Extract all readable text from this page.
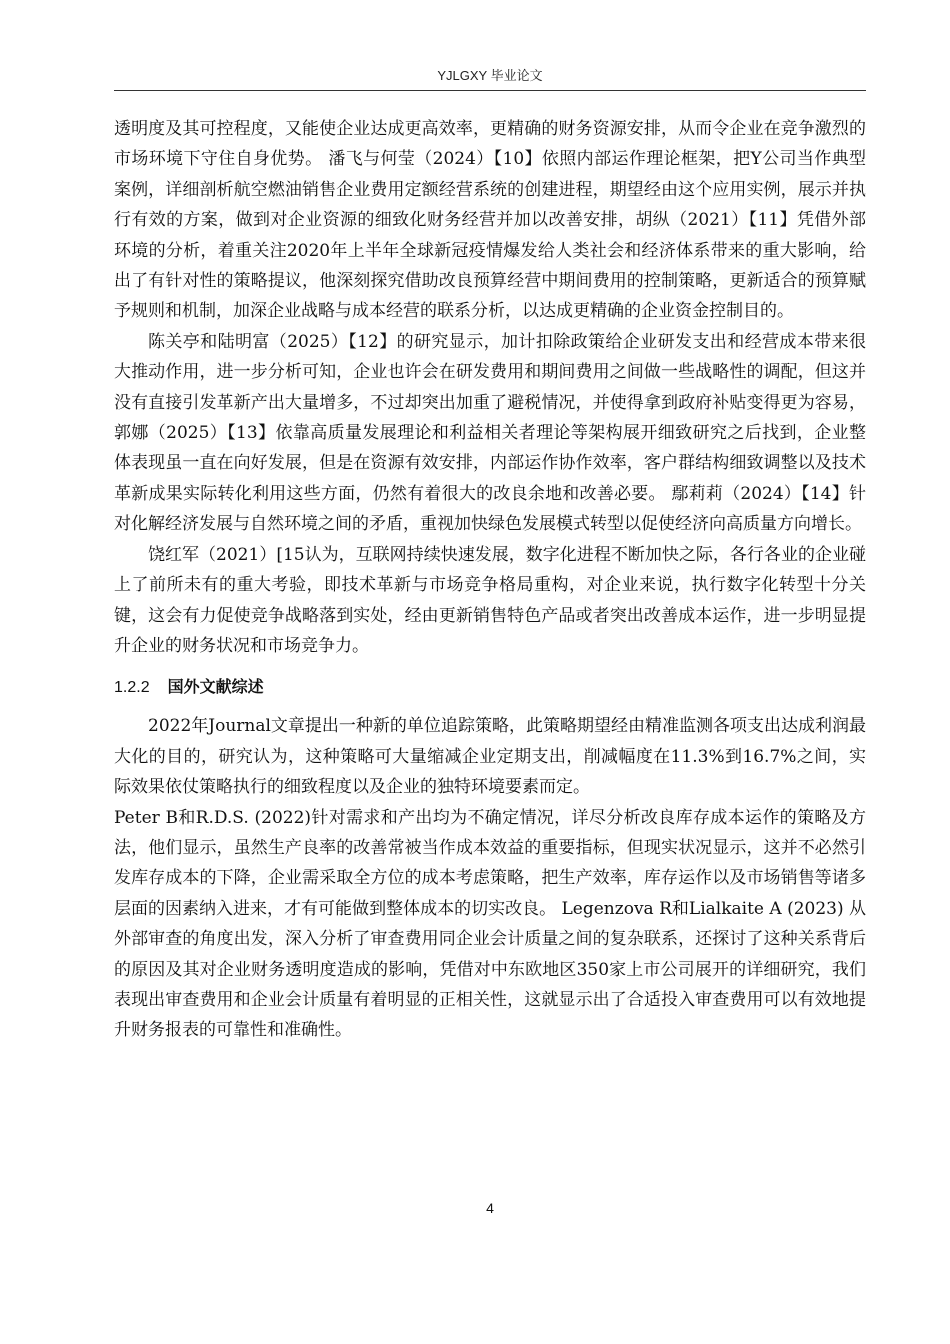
YJLGXY 毕业论文

透明度及其可控程度，又能使企业达成更高效率，更精确的财务资源安排，从而令企业在竞争激烈的市场环境下守住自身优势。 潘飞与何莹（2024）【10】依照内部运作理论框架，把Y公司当作典型案例，详细剖析航空燃油销售企业费用定额经营系统的创建进程，期望经由这个应用实例，展示并执行有效的方案，做到对企业资源的细致化财务经营并加以改善安排，胡纵（2021）【11】凭借外部环境的分析，着重关注2020年上半年全球新冠疫情爆发给人类社会和经济体系带来的重大影响，给出了有针对性的策略提议，他深刻探究借助改良预算经营中期间费用的控制策略，更新适合的预算赋予规则和机制，加深企业战略与成本经营的联系分析，以达成更精确的企业资金控制目的。

陈关亭和陆明富（2025）【12】的研究显示，加计扣除政策给企业研发支出和经营成本带来很大推动作用，进一步分析可知，企业也许会在研发费用和期间费用之间做一些战略性的调配，但这并没有直接引发革新产出大量增多，不过却突出加重了避税情况，并使得拿到政府补贴变得更为容易，郭娜（2025）【13】依靠高质量发展理论和利益相关者理论等架构展开细致研究之后找到，企业整体表现虽一直在向好发展，但是在资源有效安排，内部运作协作效率，客户群结构细致调整以及技术革新成果实际转化利用这些方面，仍然有着很大的改良余地和改善必要。 鄢莉莉（2024）【14】针对化解经济发展与自然环境之间的矛盾，重视加快绿色发展模式转型以促使经济向高质量方向增长。

饶红军（2021）[15认为，互联网持续快速发展，数字化进程不断加快之际，各行各业的企业碰上了前所未有的重大考验，即技术革新与市场竞争格局重构，对企业来说，执行数字化转型十分关键，这会有力促使竞争战略落到实处，经由更新销售特色产品或者突出改善成本运作，进一步明显提升企业的财务状况和市场竞争力。

1.2.2 国外文献综述

2022年Journal文章提出一种新的单位追踪策略，此策略期望经由精准监测各项支出达成利润最大化的目的，研究认为，这种策略可大量缩减企业定期支出，削减幅度在11.3%到16.7%之间，实际效果依仗策略执行的细致程度以及企业的独特环境要素而定。

Peter B和R.D.S. (2022)针对需求和产出均为不确定情况，详尽分析改良库存成本运作的策略及方法，他们显示，虽然生产良率的改善常被当作成本效益的重要指标，但现实状况显示，这并不必然引发库存成本的下降，企业需采取全方位的成本考虑策略，把生产效率，库存运作以及市场销售等诸多层面的因素纳入进来，才有可能做到整体成本的切实改良。 Legenzova R和Lialkaite A (2023) 从外部审查的角度出发，深入分析了审查费用同企业会计质量之间的复杂联系，还探讨了这种关系背后的原因及其对企业财务透明度造成的影响，凭借对中东欧地区350家上市公司展开的详细研究，我们表现出审查费用和企业会计质量有着明显的正相关性，这就显示出了合适投入审查费用可以有效地提升财务报表的可靠性和准确性。

4
